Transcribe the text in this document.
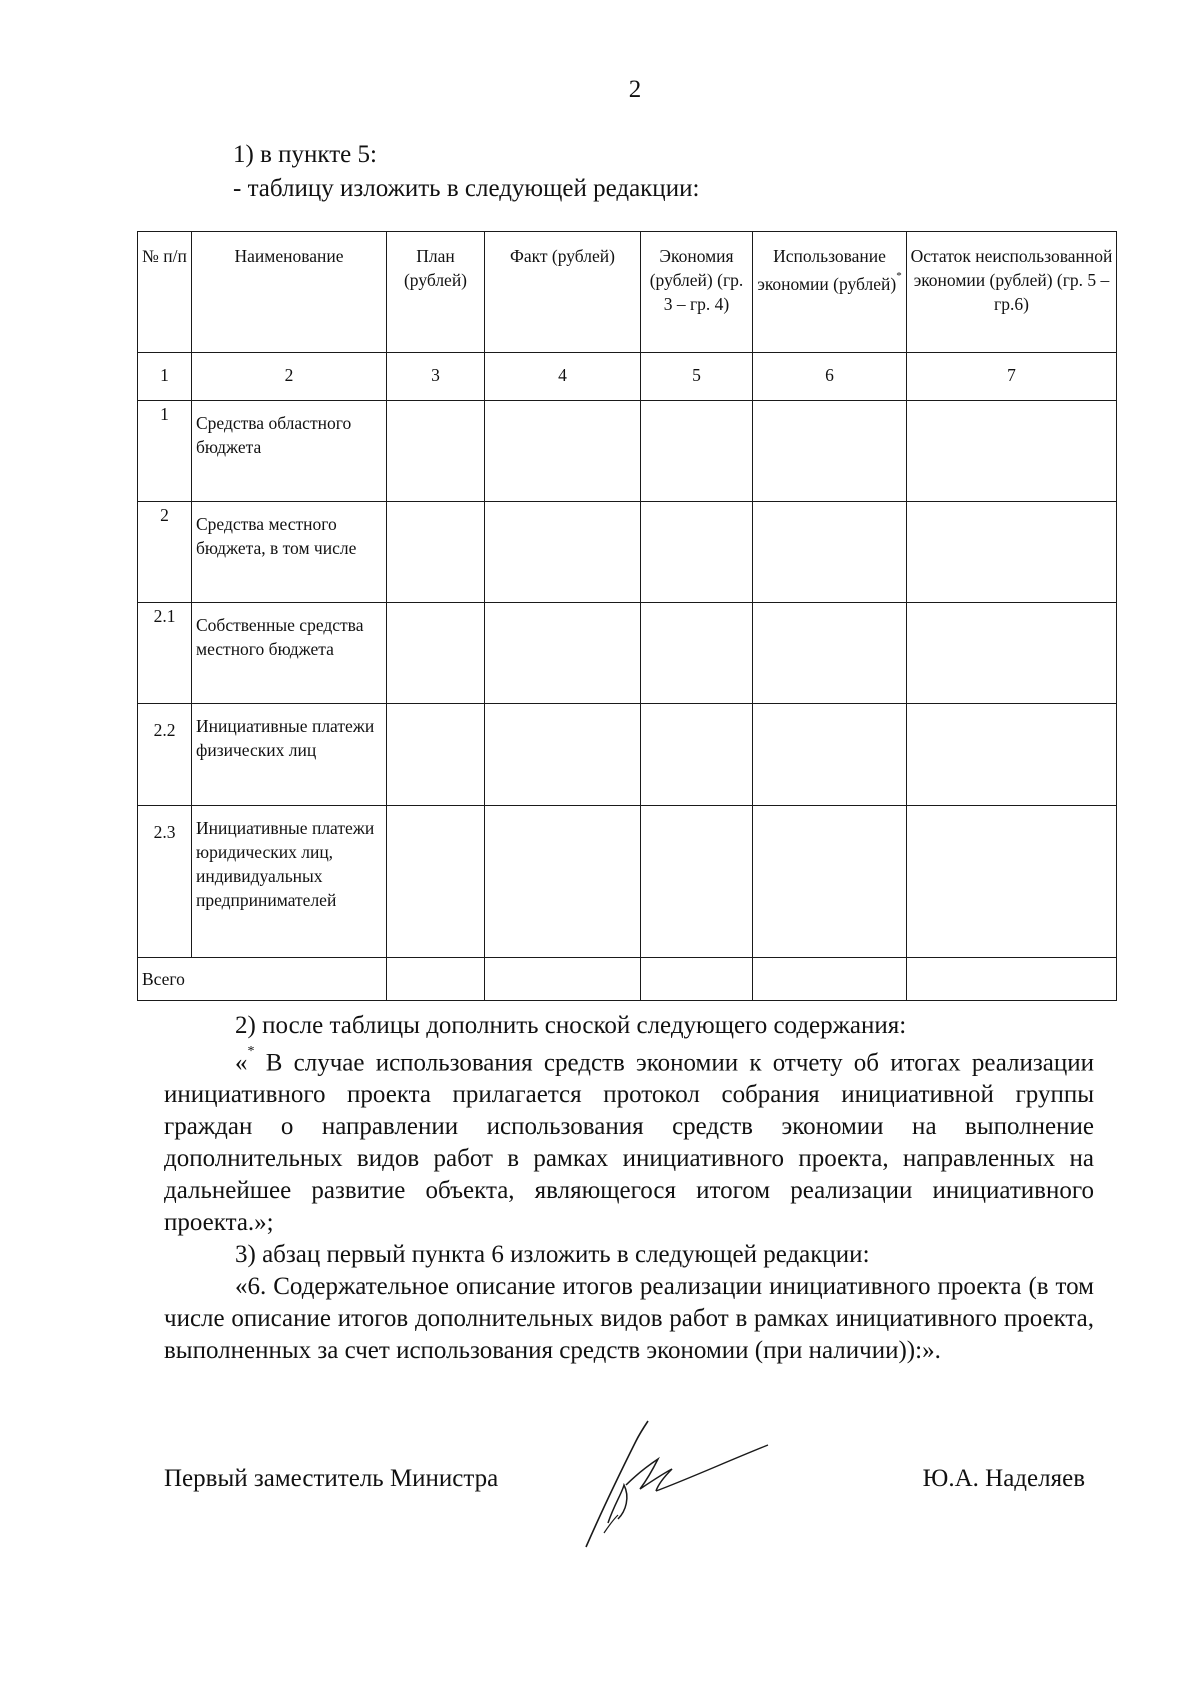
2
1) в пункте 5:
- таблицу изложить в следующей редакции:
№ п/п	Наименование	План (рублей)	Факт (рублей)	Экономия (рублей) (гр. 3 – гр. 4)	Использование экономии (рублей)*	Остаток неиспользованной экономии (рублей) (гр. 5 – гр.6)
1	2	3	4	5	6	7
1	Средства областного бюджета					
2	Средства местного бюджета, в том числе					
2.1	Собственные средства местного бюджета					
2.2	Инициативные платежи физических лиц					
2.3	Инициативные платежи юридических лиц, индивидуальных предпринимателей					
Всего						

2) после таблицы дополнить сноской следующего содержания:

«* В случае использования средств экономии к отчету об итогах реализации инициативного проекта прилагается протокол собрания инициативной группы граждан о направлении использования средств экономии на выполнение дополнительных видов работ в рамках инициативного проекта, направленных на дальнейшее развитие объекта, являющегося итогом реализации инициативного проекта.»;

3) абзац первый пункта 6 изложить в следующей редакции:

«6. Содержательное описание итогов реализации инициативного проекта (в том числе описание итогов дополнительных видов работ в рамках инициативного проекта, выполненных за счет использования средств экономии (при наличии)):».

Первый заместитель Министра	Ю.А. Наделяев
